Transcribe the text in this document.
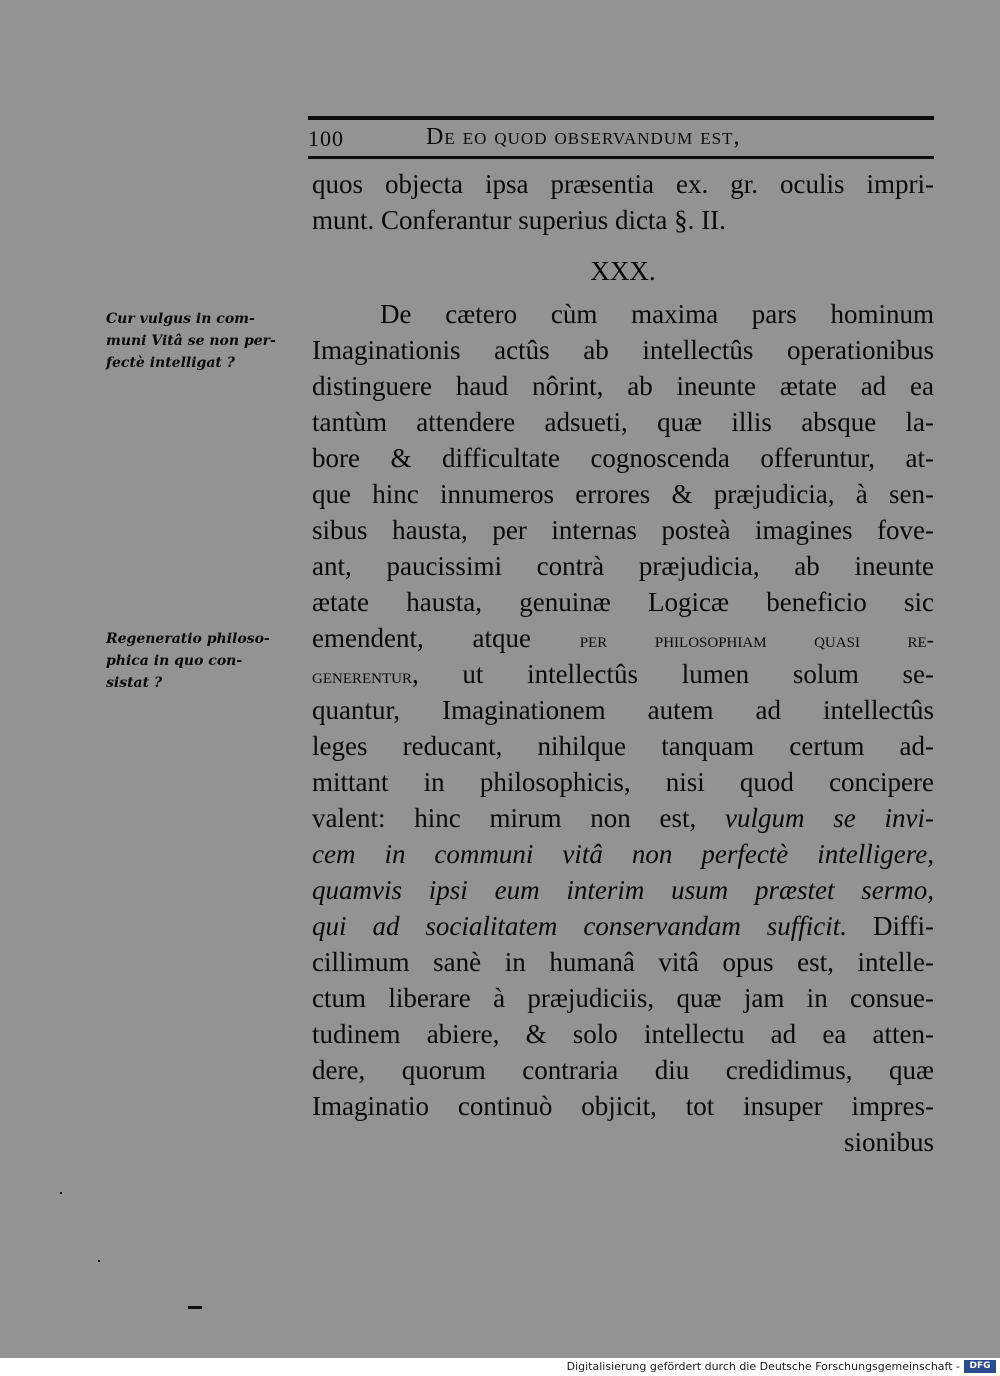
100	De eo quod observandum est,
quos objecta ipsa præsentia ex. gr. oculis impri-
munt. Conferantur superius dicta §. II.
XXX.
Cur vulgus in com-
muni Vitâ se non per-
fectè intelligat ?
Regeneratio philoso-
phica in quo con-
sistat ?
De cætero cùm maxima pars hominum
Imaginationis actûs ab intellectûs operationibus
distinguere haud nôrint, ab ineunte ætate ad ea
tantùm attendere adsueti, quæ illis absque la-
bore & difficultate cognoscenda offeruntur, at-
que hinc innumeros errores & præjudicia, à sen-
sibus hausta, per internas posteà imagines fove-
ant, paucissimi contrà præjudicia, ab ineunte
ætate hausta, genuinæ Logicæ beneficio sic
emendent, atque per philosophiam quasi re-
generentur, ut intellectûs lumen solum se-
quantur, Imaginationem autem ad intellectûs
leges reducant, nihilque tanquam certum ad-
mittant in philosophicis, nisi quod concipere
valent: hinc mirum non est, vulgum se invi-
cem in communi vitâ non perfectè intelligere,
quamvis ipsi eum interim usum præstet sermo,
qui ad socialitatem conservandam sufficit. Diffi-
cillimum sanè in humanâ vitâ opus est, intelle-
ctum liberare à præjudiciis, quæ jam in consue-
tudinem abiere, & solo intellectu ad ea atten-
dere, quorum contraria diu credidimus, quæ
Imaginatio continuò objicit, tot insuper impres-
sionibus
Digitalisierung gefördert durch die Deutsche Forschungsgemeinschaft -	DFG
